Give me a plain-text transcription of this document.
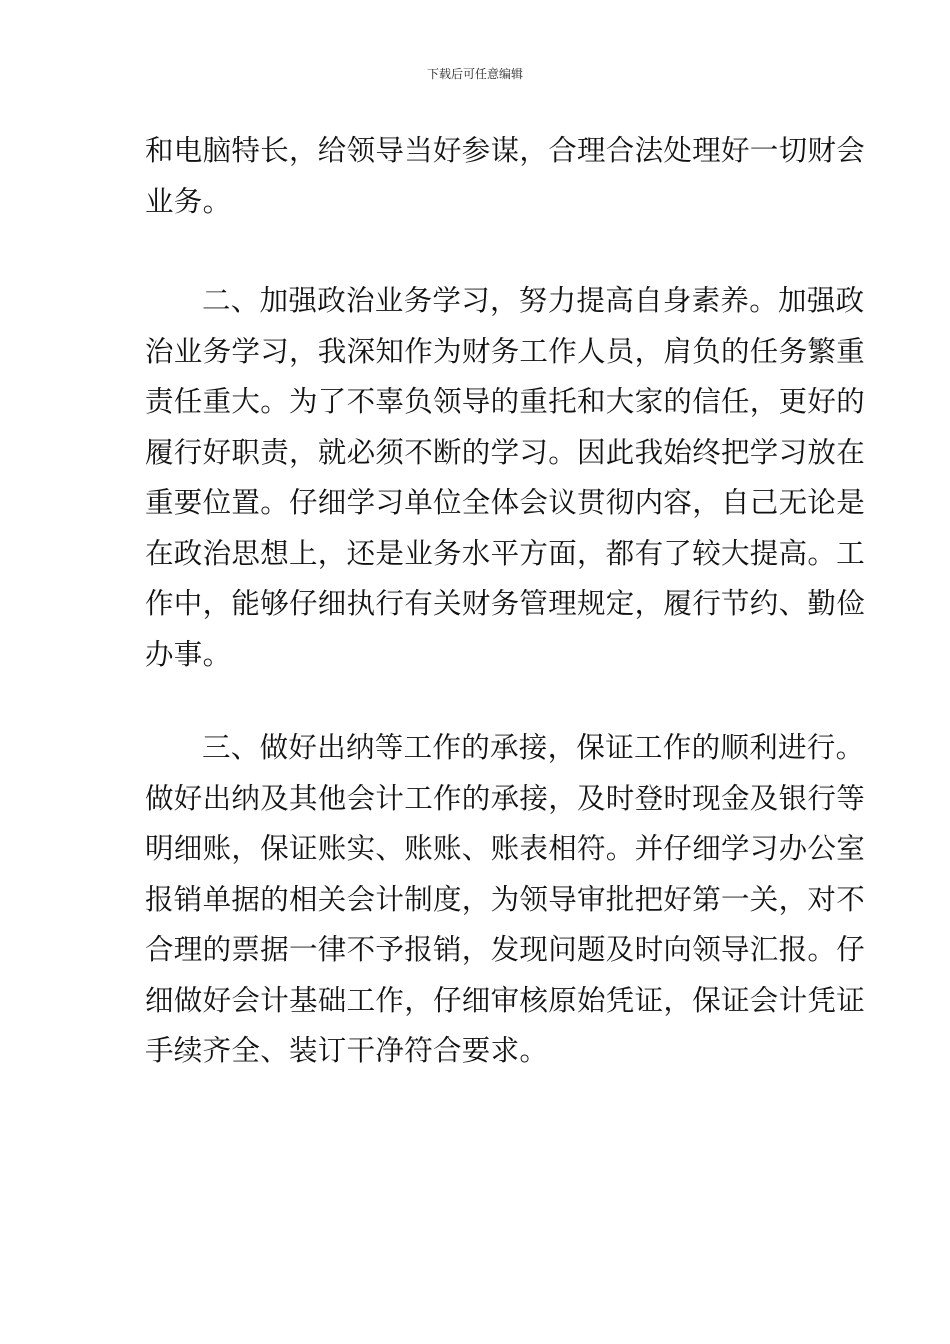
下载后可任意编辑
和电脑特长，给领导当好参谋，合理合法处理好一切财会
业务。
二、加强政治业务学习，努力提高自身素养。加强政
治业务学习，我深知作为财务工作人员，肩负的任务繁重
责任重大。为了不辜负领导的重托和大家的信任，更好的
履行好职责，就必须不断的学习。因此我始终把学习放在
重要位置。仔细学习单位全体会议贯彻内容，自己无论是
在政治思想上，还是业务水平方面，都有了较大提高。工
作中，能够仔细执行有关财务管理规定，履行节约、勤俭
办事。
三、做好出纳等工作的承接，保证工作的顺利进行。
做好出纳及其他会计工作的承接，及时登时现金及银行等
明细账，保证账实、账账、账表相符。并仔细学习办公室
报销单据的相关会计制度，为领导审批把好第一关，对不
合理的票据一律不予报销，发现问题及时向领导汇报。仔
细做好会计基础工作，仔细审核原始凭证，保证会计凭证
手续齐全、装订干净符合要求。
